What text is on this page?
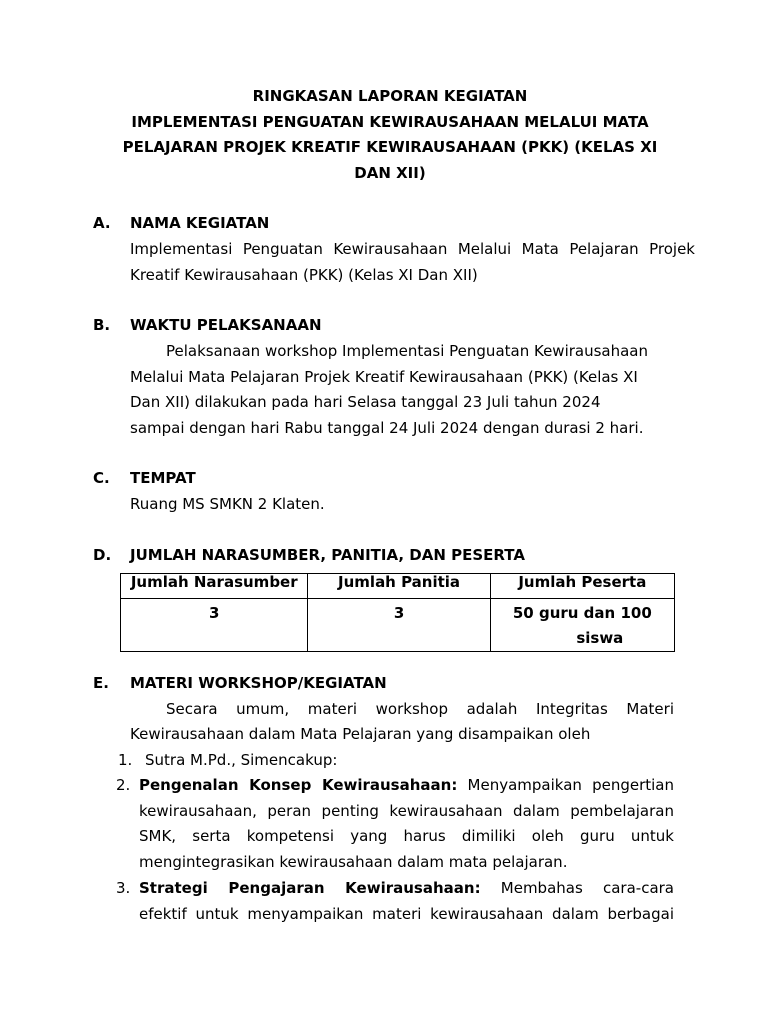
RINGKASAN LAPORAN KEGIATAN
IMPLEMENTASI PENGUATAN KEWIRAUSAHAAN MELALUI MATA
PELAJARAN PROJEK KREATIF KEWIRAUSAHAAN (PKK) (KELAS XI
DAN XII)
A. NAMA KEGIATAN
Implementasi Penguatan Kewirausahaan Melalui Mata Pelajaran Projek
Kreatif Kewirausahaan (PKK) (Kelas XI Dan XII)
B. WAKTU PELAKSANAAN
Pelaksanaan workshop Implementasi Penguatan Kewirausahaan
Melalui Mata Pelajaran Projek Kreatif Kewirausahaan (PKK) (Kelas XI
Dan XII) dilakukan pada hari Selasa tanggal 23 Juli tahun 2024
sampai dengan hari Rabu tanggal 24 Juli 2024 dengan durasi 2 hari.
C. TEMPAT
Ruang MS SMKN 2 Klaten.
D. JUMLAH NARASUMBER, PANITIA, DAN PESERTA
Jumlah Narasumber	Jumlah Panitia	Jumlah Peserta
3	3	50 guru dan 100
siswa
E. MATERI WORKSHOP/KEGIATAN
Secara umum, materi workshop adalah Integritas Materi
Kewirausahaan dalam Mata Pelajaran yang disampaikan oleh
1. Sutra M.Pd., Simencakup:
2. Pengenalan Konsep Kewirausahaan: Menyampaikan pengertian
kewirausahaan, peran penting kewirausahaan dalam pembelajaran
SMK, serta kompetensi yang harus dimiliki oleh guru untuk
mengintegrasikan kewirausahaan dalam mata pelajaran.
3. Strategi Pengajaran Kewirausahaan: Membahas cara-cara
efektif untuk menyampaikan materi kewirausahaan dalam berbagai
